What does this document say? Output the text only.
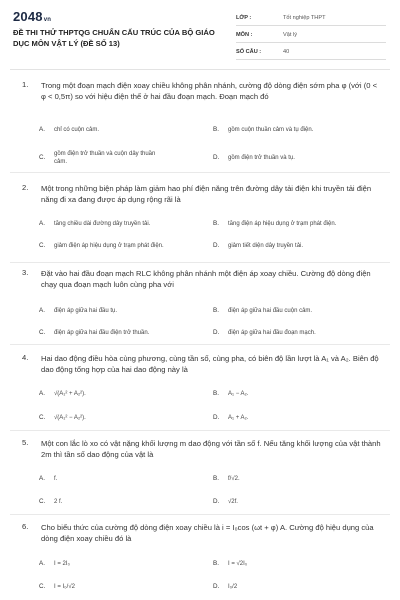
2048vn
ĐỀ THI THỬ THPTQG CHUẨN CẤU TRÚC CỦA BỘ GIÁO DỤC MÔN VẬT LÝ (ĐỀ SỐ 13)
LỚP :	Tốt nghiệp THPT
MÔN :	Vật lý
SỐ CÂU :	40
1. Trong một đoạn mạch điện xoay chiều không phân nhánh, cường độ dòng điện sớm pha φ (với (0 < φ < 0,5π) so với hiệu điện thế ở hai đầu đoạn mạch. Đoạn mạch đó
A. chỉ có cuộn cảm.	B. gồm cuộn thuần cảm và tụ điện.
C. gồm điện trở thuần và cuộn dây thuần cảm.
D. gồm điện trở thuần và tụ.
2. Một trong những biện pháp làm giảm hao phí điện năng trên đường dây tải điện khi truyền tải điện năng đi xa đang được áp dụng rộng rãi là
A. tăng chiều dài đường dây truyền tải.	B. tăng điện áp hiệu dụng ở trạm phát điện.
C. giảm điện áp hiệu dụng ở trạm phát điện.	D. giảm tiết diện dây truyền tải.
3. Đặt vào hai đầu đoạn mạch RLC không phân nhánh một điện áp xoay chiều. Cường độ dòng điện chạy qua đoạn mạch luôn cùng pha với
A. điện áp giữa hai đầu tụ.	B. điện áp giữa hai đầu cuộn cảm.
C. điện áp giữa hai đầu điện trở thuần.	D. điện áp giữa hai đầu đoạn mạch.
4. Hai dao động điều hòa cùng phương, cùng tần số, cùng pha, có biên độ lần lượt là A₁ và A₂. Biên độ dao động tổng hợp của hai dao động này là
A. √(A₁² + A₂²).	B. A₁ − A₂.
C. √(A₁² − A₂²).	D. A₁ + A₂.
5. Một con lắc lò xo có vật nặng khối lượng m dao động với tần số f. Nếu tăng khối lượng của vật thành 2m thì tần số dao động của vật là
A. f.	B. f/√2.
C. 2 f.	D. √2f.
6. Cho biểu thức của cường độ dòng điện xoay chiều là i = I₀cos (ωt + φ) A. Cường độ hiệu dụng của dòng điện xoay chiều đó là
A. I = 2I₀	B. I = √2I₀
C. I = I₀/√2	D. I₀/2
